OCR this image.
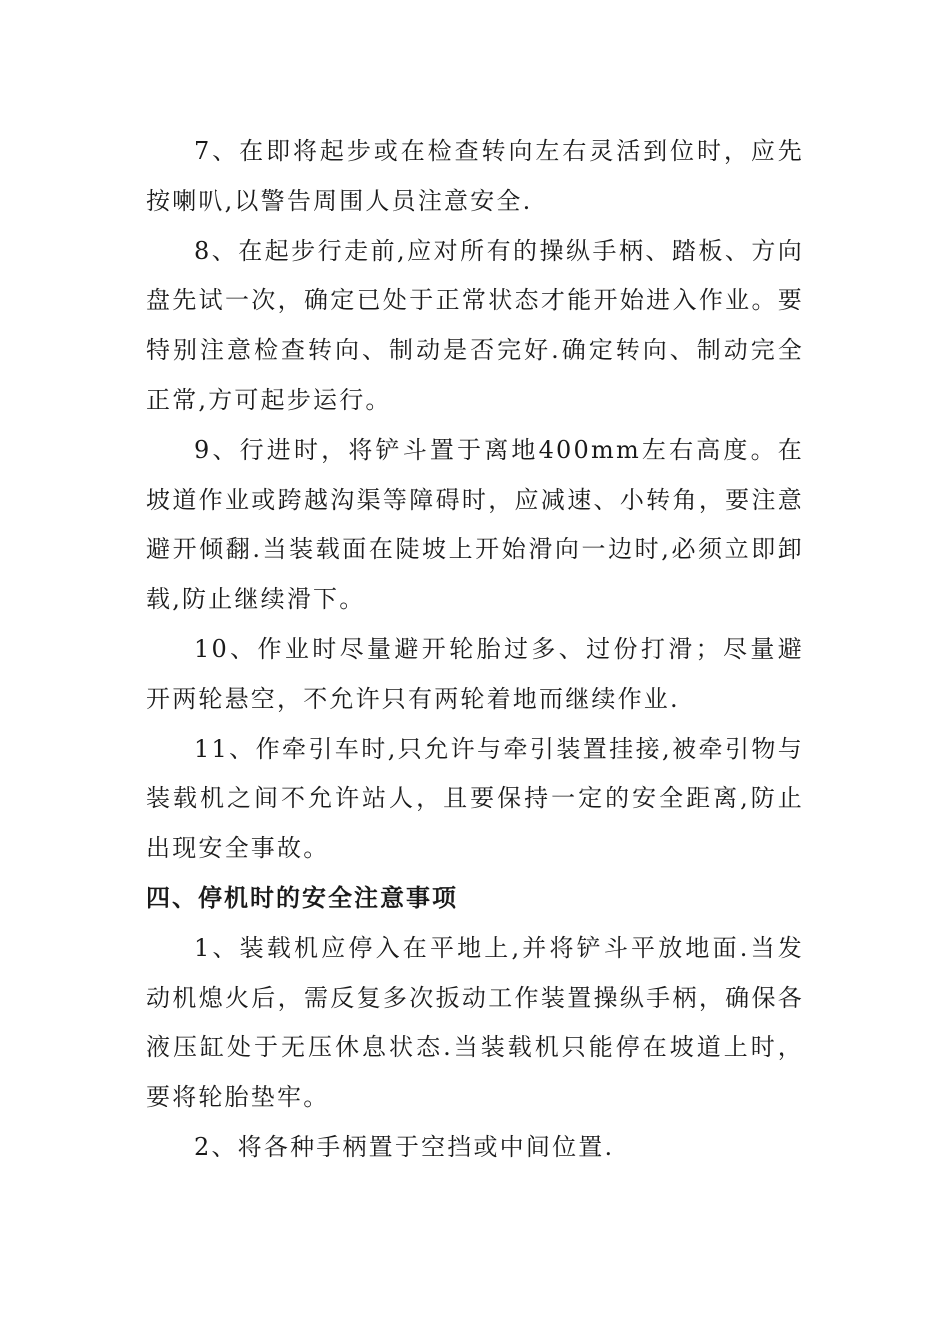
7、在即将起步或在检查转向左右灵活到位时，应先按喇叭,以警告周围人员注意安全.

8、在起步行走前,应对所有的操纵手柄、踏板、方向盘先试一次，确定已处于正常状态才能开始进入作业。要特别注意检查转向、制动是否完好.确定转向、制动完全正常,方可起步运行。

9、行进时，将铲斗置于离地400mm左右高度。在坡道作业或跨越沟渠等障碍时，应减速、小转角，要注意避开倾翻.当装载面在陡坡上开始滑向一边时,必须立即卸载,防止继续滑下。

10、作业时尽量避开轮胎过多、过份打滑；尽量避开两轮悬空，不允许只有两轮着地而继续作业.

11、作牵引车时,只允许与牵引装置挂接,被牵引物与装载机之间不允许站人，且要保持一定的安全距离,防止出现安全事故。

四、停机时的安全注意事项

1、装载机应停入在平地上,并将铲斗平放地面.当发动机熄火后，需反复多次扳动工作装置操纵手柄，确保各液压缸处于无压休息状态.当装载机只能停在坡道上时，要将轮胎垫牢。

2、将各种手柄置于空挡或中间位置.
